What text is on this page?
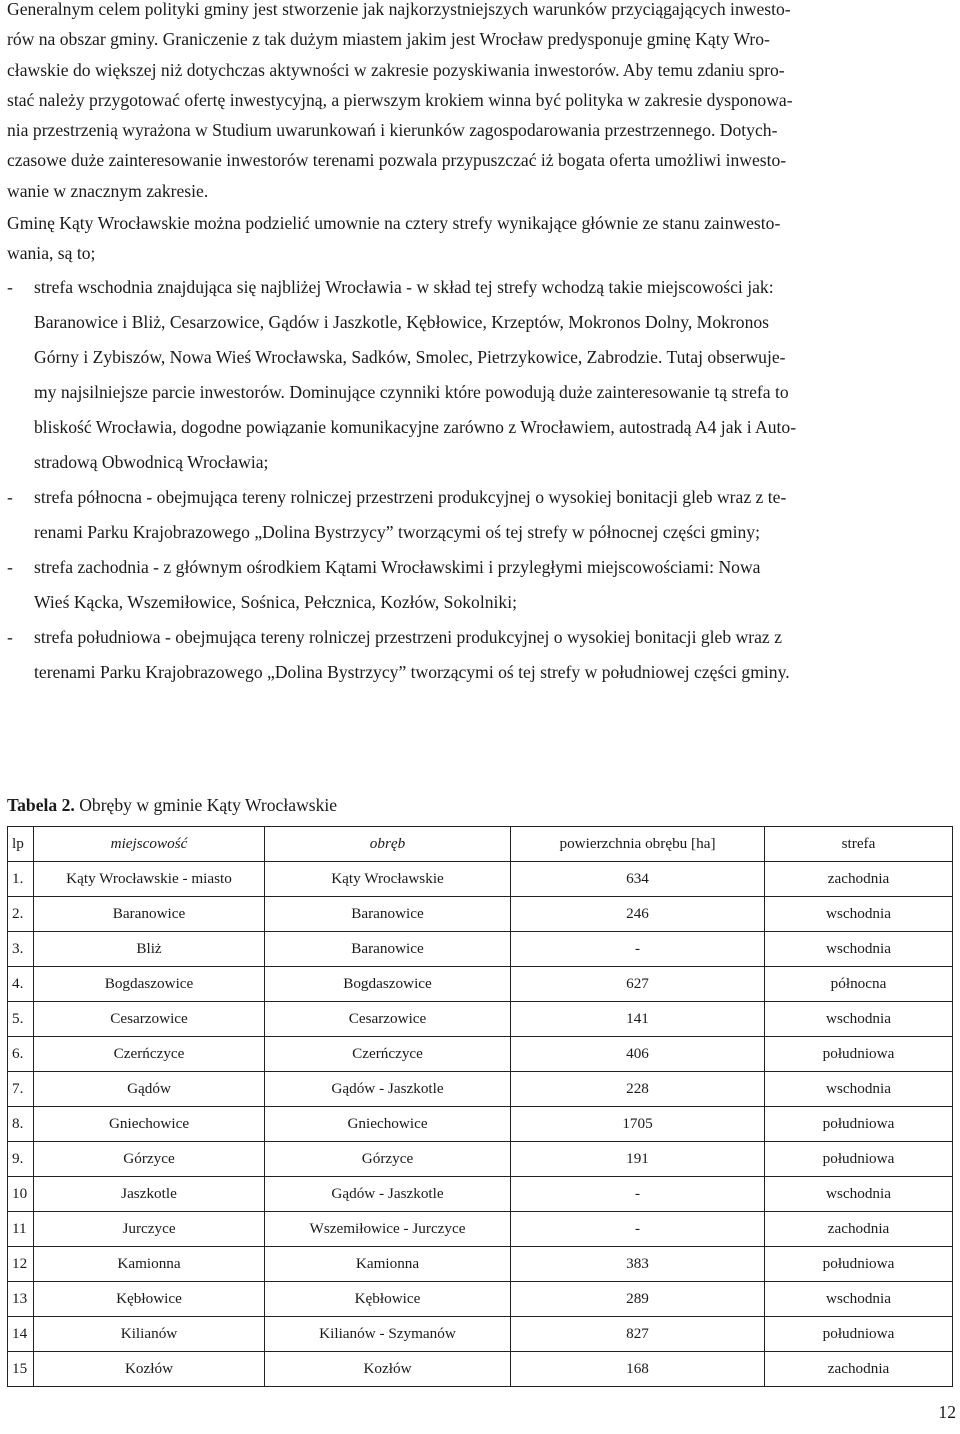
Generalnym celem polityki gminy jest stworzenie jak najkorzystniejszych warunków przyciągających inwesto-
rów na obszar gminy. Graniczenie z tak dużym miastem jakim jest Wrocław predysponuje gminę Kąty Wro-
cławskie do większej niż dotychczas aktywności w zakresie pozyskiwania inwestorów. Aby temu zdaniu spro-
stać należy przygotować ofertę inwestycyjną, a pierwszym krokiem winna być polityka w zakresie dysponowa-
nia przestrzenią wyrażona w Studium uwarunkowań i kierunków zagospodarowania przestrzennego. Dotych-
czasowe duże zainteresowanie inwestorów terenami pozwala przypuszczać iż bogata oferta umożliwi inwesto-
wanie w znacznym zakresie.

Gminę Kąty Wrocławskie można podzielić umownie na cztery strefy wynikające głównie ze stanu zainwesto-
wania, są to;

-	strefa wschodnia znajdująca się najbliżej Wrocławia - w skład tej strefy wchodzą takie miejscowości jak:
Baranowice i Bliż, Cesarzowice, Gądów i Jaszkotle, Kębłowice, Krzeptów, Mokronos Dolny, Mokronos
Górny i Zybiszów, Nowa Wieś Wrocławska, Sadków, Smolec, Pietrzykowice, Zabrodzie. Tutaj obserwuje-
my najsilniejsze parcie inwestorów. Dominujące czynniki które powodują duże zainteresowanie tą strefa to
bliskość Wrocławia, dogodne powiązanie komunikacyjne zarówno z Wrocławiem, autostradą A4 jak i Auto-
stradową Obwodnicą Wrocławia;
-	strefa północna - obejmująca tereny rolniczej przestrzeni produkcyjnej o wysokiej bonitacji gleb wraz z te-
renami Parku Krajobrazowego „Dolina Bystrzycy” tworzącymi oś tej strefy w północnej części gminy;
-	strefa zachodnia - z głównym ośrodkiem Kątami Wrocławskimi i przyległymi miejscowościami: Nowa
Wieś Kącka, Wszemiłowice, Sośnica, Pełcznica, Kozłów, Sokolniki;
-	strefa południowa - obejmująca tereny rolniczej przestrzeni produkcyjnej o wysokiej bonitacji gleb wraz z
terenami Parku Krajobrazowego „Dolina Bystrzycy” tworzącymi oś tej strefy w południowej części gminy.
Tabela 2. Obręby w gminie Kąty Wrocławskie
lp	miejscowość	obręb	powierzchnia obrębu [ha]	strefa
1.	Kąty Wrocławskie - miasto	Kąty Wrocławskie	634	zachodnia
2.	Baranowice	Baranowice	246	wschodnia
3.	Bliż	Baranowice	-	wschodnia
4.	Bogdaszowice	Bogdaszowice	627	północna
5.	Cesarzowice	Cesarzowice	141	wschodnia
6.	Czerńczyce	Czerńczyce	406	południowa
7.	Gądów	Gądów - Jaszkotle	228	wschodnia
8.	Gniechowice	Gniechowice	1705	południowa
9.	Górzyce	Górzyce	191	południowa
10	Jaszkotle	Gądów - Jaszkotle	-	wschodnia
11	Jurczyce	Wszemiłowice - Jurczyce	-	zachodnia
12	Kamionna	Kamionna	383	południowa
13	Kębłowice	Kębłowice	289	wschodnia
14	Kilianów	Kilianów - Szymanów	827	południowa
15	Kozłów	Kozłów	168	zachodnia
12
